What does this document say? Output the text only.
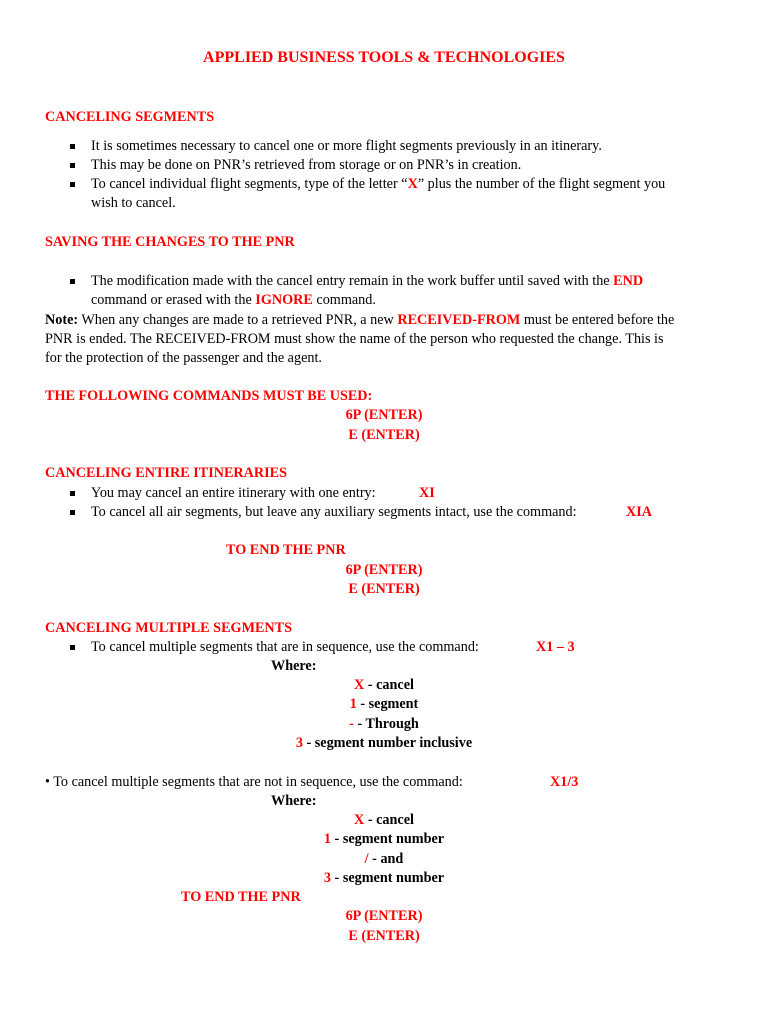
APPLIED BUSINESS TOOLS & TECHNOLOGIES
CANCELING SEGMENTS
It is sometimes necessary to cancel one or more flight segments previously in an itinerary.
This may be done on PNR’s retrieved from storage or on PNR’s in creation.
To cancel individual flight segments, type of the letter “X” plus the number of the flight segment you
wish to cancel.
SAVING THE CHANGES TO THE PNR
The modification made with the cancel entry remain in the work buffer until saved with the END
command or erased with the IGNORE command.
Note: When any changes are made to a retrieved PNR, a new RECEIVED-FROM must be entered before the
PNR is ended. The RECEIVED-FROM must show the name of the person who requested the change. This is
for the protection of the passenger and the agent.
THE FOLLOWING COMMANDS MUST BE USED:
6P (ENTER)
E (ENTER)
CANCELING ENTIRE ITINERARIES
You may cancel an entire itinerary with one entry:	XI
To cancel all air segments, but leave any auxiliary segments intact, use the command:	XIA
TO END THE PNR
6P (ENTER)
E (ENTER)
CANCELING MULTIPLE SEGMENTS
To cancel multiple segments that are in sequence, use the command:	X1 – 3
Where:
X - cancel
1 - segment
- - Through
3 - segment number inclusive
• To cancel multiple segments that are not in sequence, use the command:	X1/3
Where:
X - cancel
1 - segment number
/ - and
3 - segment number
TO END THE PNR
6P (ENTER)
E (ENTER)
